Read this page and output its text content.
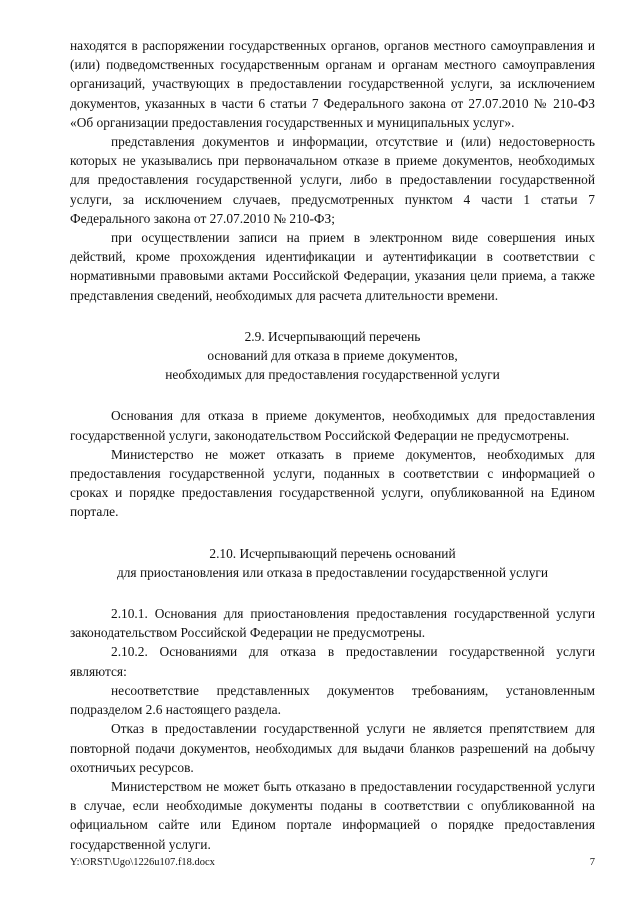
находятся в распоряжении государственных органов, органов местного самоуправления и (или) подведомственных государственным органам и органам местного самоуправления организаций, участвующих в предоставлении государственной услуги, за исключением документов, указанных в части 6 статьи 7 Федерального закона от 27.07.2010 № 210-ФЗ «Об организации предоставления государственных и муниципальных услуг».

представления документов и информации, отсутствие и (или) недостоверность которых не указывались при первоначальном отказе в приеме документов, необходимых для предоставления государственной услуги, либо в предоставлении государственной услуги, за исключением случаев, предусмотренных пунктом 4 части 1 статьи 7 Федерального закона от 27.07.2010 № 210-ФЗ;

при осуществлении записи на прием в электронном виде совершения иных действий, кроме прохождения идентификации и аутентификации в соответствии с нормативными правовыми актами Российской Федерации, указания цели приема, а также представления сведений, необходимых для расчета длительности времени.

2.9. Исчерпывающий перечень

оснований для отказа в приеме документов,

необходимых для предоставления государственной услуги

Основания для отказа в приеме документов, необходимых для предоставления государственной услуги, законодательством Российской Федерации не предусмотрены.

Министерство не может отказать в приеме документов, необходимых для предоставления государственной услуги, поданных в соответствии с информацией о сроках и порядке предоставления государственной услуги, опубликованной на Едином портале.

2.10. Исчерпывающий перечень оснований

для приостановления или отказа в предоставлении государственной услуги

2.10.1. Основания для приостановления предоставления государственной услуги законодательством Российской Федерации не предусмотрены.

2.10.2. Основаниями для отказа в предоставлении государственной услуги являются:

несоответствие представленных документов требованиям, установленным подразделом 2.6 настоящего раздела.

Отказ в предоставлении государственной услуги не является препятствием для повторной подачи документов, необходимых для выдачи бланков разрешений на добычу охотничьих ресурсов.

Министерством не может быть отказано в предоставлении государственной услуги в случае, если необходимые документы поданы в соответствии с опубликованной на официальном сайте или Едином портале информацией о порядке предоставления государственной услуги.

Y:\ORST\Ugo\1226u107.f18.docx	7
